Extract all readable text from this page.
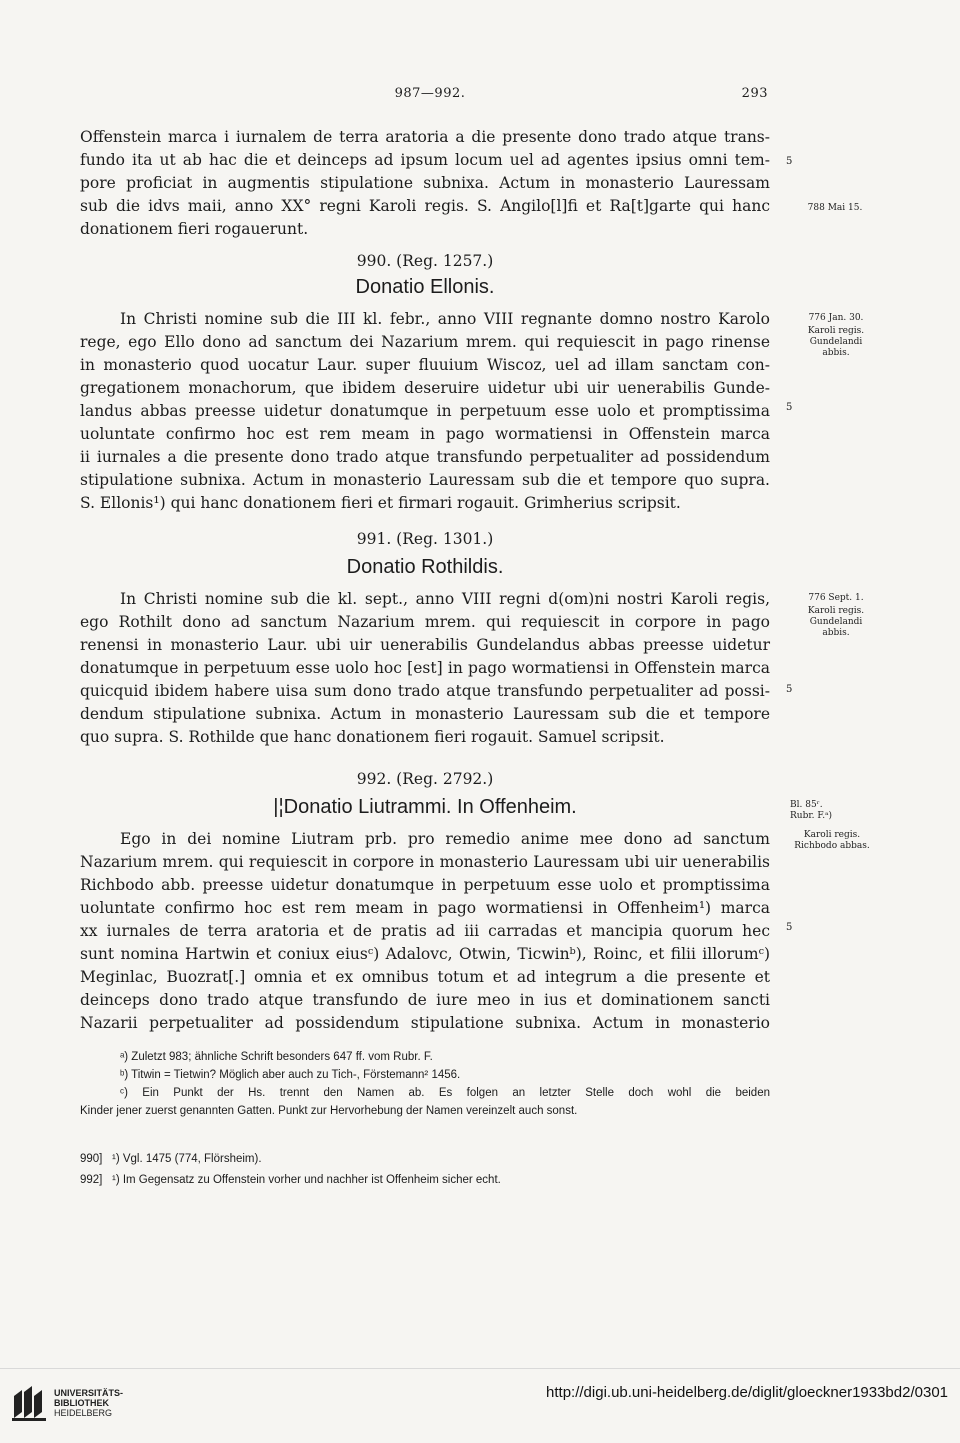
987—992.	293
Offenstein marca i iurnalem de terra aratoria a die presente dono trado atque trans-
fundo ita ut ab hac die et deinceps ad ipsum locum uel ad agentes ipsius omni tem-
pore proficiat in augmentis stipulatione subnixa. Actum in monasterio Lauressam
sub die idvs maii, anno XX° regni Karoli regis. S. Angilo[l]fi et Ra[t]garte qui hanc
donationem fieri rogauerunt.
5
788 Mai 15.
990. (Reg. 1257.)
Donatio Ellonis.
In Christi nomine sub die III kl. febr., anno VIII regnante domno nostro Karolo
rege, ego Ello dono ad sanctum dei Nazarium mrem. qui requiescit in pago rinense
in monasterio quod uocatur Laur. super fluuium Wiscoz, uel ad illam sanctam con-
gregationem monachorum, que ibidem deseruire uidetur ubi uir uenerabilis Gunde-
landus abbas preesse uidetur donatumque in perpetuum esse uolo et promptissima
uoluntate confirmo hoc est rem meam in pago wormatiensi in Offenstein marca
ii iurnales a die presente dono trado atque transfundo perpetualiter ad possidendum
stipulatione subnixa. Actum in monasterio Lauressam sub die et tempore quo supra.
S. Ellonis¹) qui hanc donationem fieri et firmari rogauit. Grimherius scripsit.
776 Jan. 30.
Karoli regis.
Gundelandi
abbis.
5
991. (Reg. 1301.)
Donatio Rothildis.
In Christi nomine sub die kl. sept., anno VIII regni d(om)ni nostri Karoli regis,
ego Rothilt dono ad sanctum Nazarium mrem. qui requiescit in corpore in pago
renensi in monasterio Laur. ubi uir uenerabilis Gundelandus abbas preesse uidetur
donatumque in perpetuum esse uolo hoc [est] in pago wormatiensi in Offenstein marca
quicquid ibidem habere uisa sum dono trado atque transfundo perpetualiter ad possi-
dendum stipulatione subnixa. Actum in monasterio Lauressam sub die et tempore
quo supra. S. Rothilde que hanc donationem fieri rogauit. Samuel scripsit.
776 Sept. 1.
Karoli regis.
Gundelandi
abbis.
5
992. (Reg. 2792.)
|¦Donatio Liutrammi. In Offenheim.
Ego in dei nomine Liutram prb. pro remedio anime mee dono ad sanctum
Nazarium mrem. qui requiescit in corpore in monasterio Lauressam ubi uir uenerabilis
Richbodo abb. preesse uidetur donatumque in perpetuum esse uolo et promptissima
uoluntate confirmo hoc est rem meam in pago wormatiensi in Offenheim¹) marca
xx iurnales de terra aratoria et de pratis ad iii carradas et mancipia quorum hec
sunt nomina Hartwin et coniux eiusᶜ) Adalovc, Otwin, Ticwinᵇ), Roinc, et filii illorumᶜ)
Meginlac, Buozrat[.] omnia et ex omnibus totum et ad integrum a die presente et
deinceps dono trado atque transfundo de iure meo in ius et dominationem sancti
Nazarii perpetualiter ad possidendum stipulatione subnixa. Actum in monasterio
Bl. 85ʳ.
Rubr. F.ᵃ)
Karoli regis.
Richbodo abbas.
5
ᵃ) Zuletzt 983; ähnliche Schrift besonders 647 ff. vom Rubr. F.
ᵇ) Titwin = Tietwin? Möglich aber auch zu Tich-, Förstemann² 1456.
ᶜ) Ein Punkt der Hs. trennt den Namen ab. Es folgen an letzter Stelle doch wohl die beiden
Kinder jener zuerst genannten Gatten. Punkt zur Hervorhebung der Namen vereinzelt auch sonst.
990] ¹) Vgl. 1475 (774, Flörsheim).
992] ¹) Im Gegensatz zu Offenstein vorher und nachher ist Offenheim sicher echt.
UNIVERSITÄTS-
BIBLIOTHEK
HEIDELBERG
http://digi.ub.uni-heidelberg.de/diglit/gloeckner1933bd2/0301
